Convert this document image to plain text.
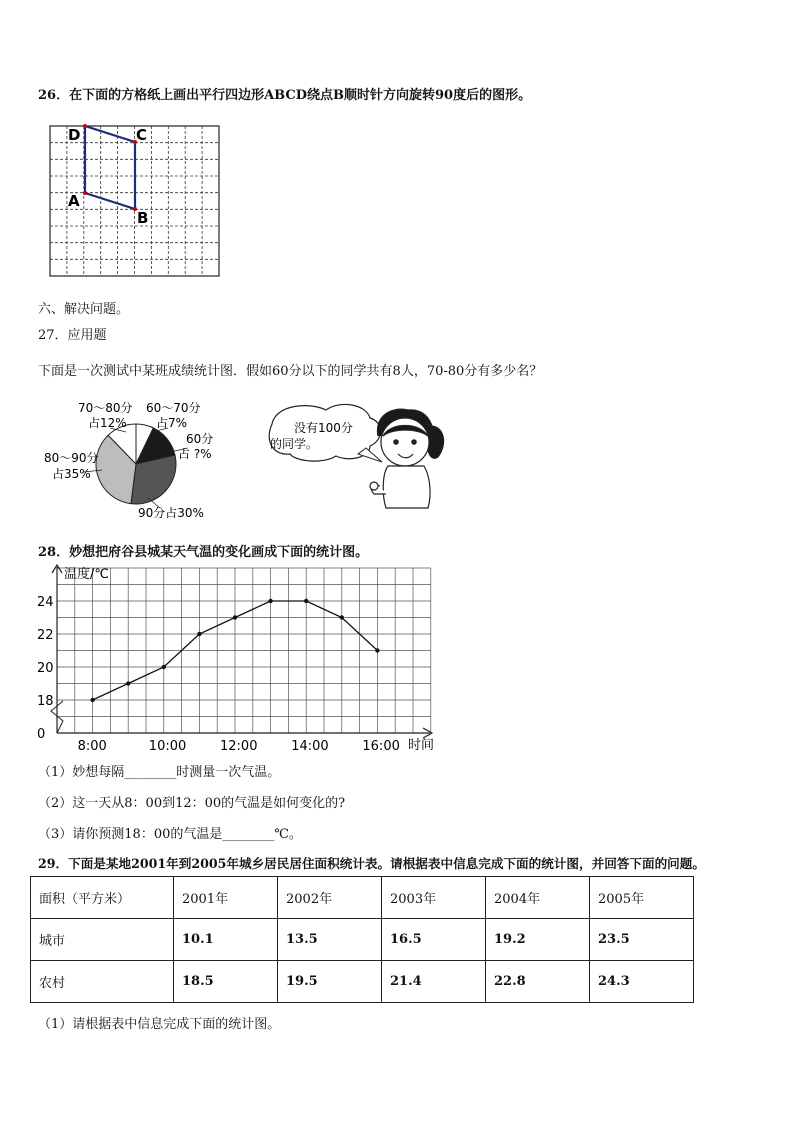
26．在下面的方格纸上画出平行四边形ABCD绕点B顺时针方向旋转90度后的图形。
D	C
A
B
六、解决问题。
27．应用题
下面是一次测试中某班成绩统计图．假如60分以下的同学共有8人，70-80分有多少名？
70～80分
占12%
60～70分
占7%
60分
占 ?%
80～90分
占35%
90分占30%
没有100分
的同学。
28．妙想把府谷县城某天气温的变化画成下面的统计图。
温度/℃
时间
0
18
20
22
24
8:00	10:00	12:00	14:00	16:00
（1）妙想每隔________时测量一次气温。
（2）这一天从8：00到12：00的气温是如何变化的?
（3）请你预测18：00的气温是________℃。
29．下面是某地2001年到2005年城乡居民居住面积统计表。请根据表中信息完成下面的统计图，并回答下面的问题。
面积（平方米）	2001年	2002年	2003年	2004年	2005年
城市	10.1	13.5	16.5	19.2	23.5
农村	18.5	19.5	21.4	22.8	24.3
（1）请根据表中信息完成下面的统计图。
